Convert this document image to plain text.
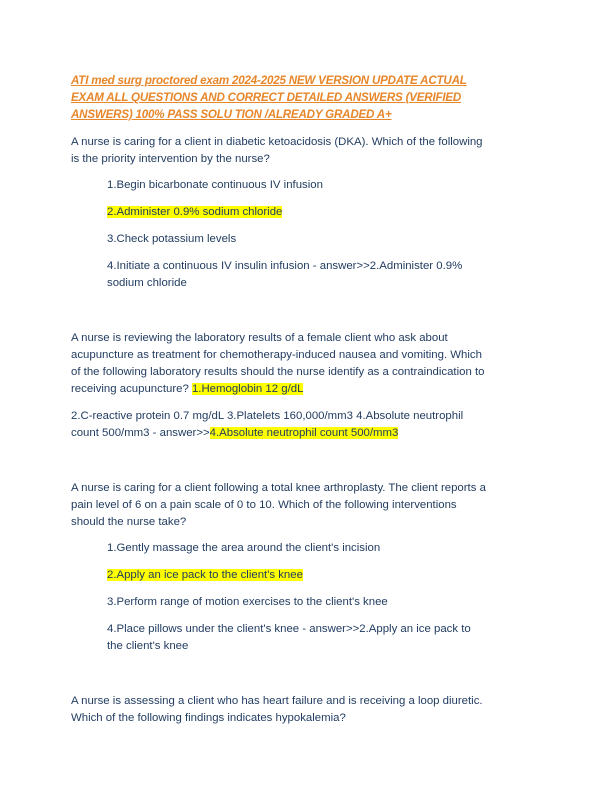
ATI med surg proctored exam 2024-2025 NEW VERSION UPDATE ACTUAL EXAM ALL QUESTIONS AND CORRECT DETAILED ANSWERS (VERIFIED ANSWERS) 100% PASS SOLU TION /ALREADY GRADED A+

A nurse is caring for a client in diabetic ketoacidosis (DKA). Which of the following is the priority intervention by the nurse?

1.Begin bicarbonate continuous IV infusion

2.Administer 0.9% sodium chloride

3.Check potassium levels

4.Initiate a continuous IV insulin infusion - answer>>2.Administer 0.9% sodium chloride

A nurse is reviewing the laboratory results of a female client who ask about acupuncture as treatment for chemotherapy-induced nausea and vomiting. Which of the following laboratory results should the nurse identify as a contraindication to receiving acupuncture? 1.Hemoglobin 12 g/dL

2.C-reactive protein 0.7 mg/dL 3.Platelets 160,000/mm3 4.Absolute neutrophil count 500/mm3 - answer>>4.Absolute neutrophil count 500/mm3

A nurse is caring for a client following a total knee arthroplasty. The client reports a pain level of 6 on a pain scale of 0 to 10. Which of the following interventions should the nurse take?

1.Gently massage the area around the client's incision

2.Apply an ice pack to the client's knee

3.Perform range of motion exercises to the client's knee

4.Place pillows under the client's knee - answer>>2.Apply an ice pack to the client's knee

A nurse is assessing a client who has heart failure and is receiving a loop diuretic. Which of the following findings indicates hypokalemia?
